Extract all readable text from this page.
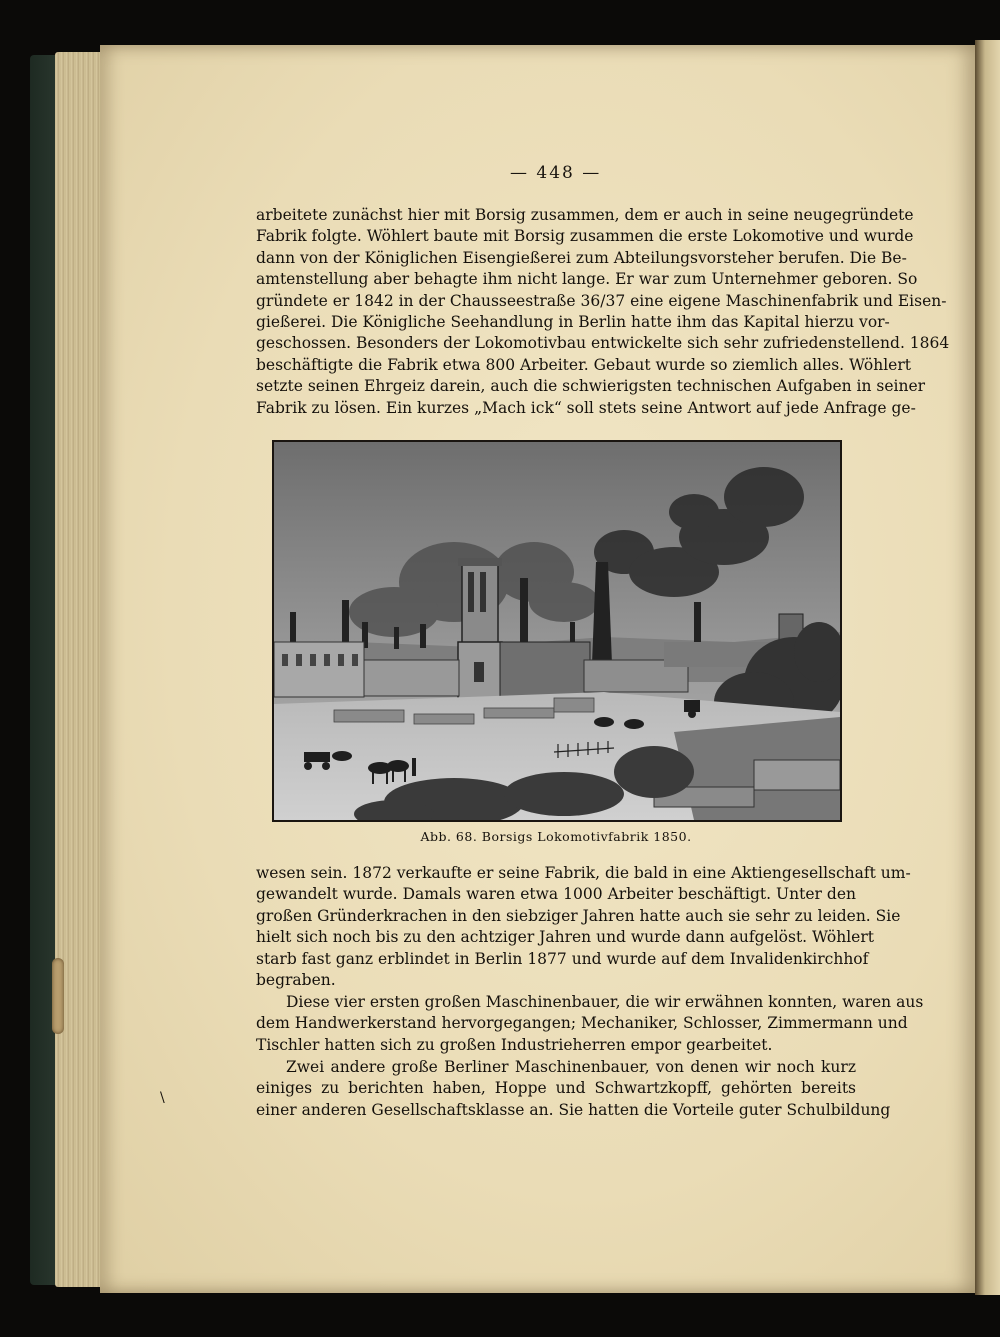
— 448 —
arbeitete zunächst hier mit Borsig zusammen, dem er auch in seine neugegründete
Fabrik folgte. Wöhlert baute mit Borsig zusammen die erste Lokomotive und wurde
dann von der Königlichen Eisengießerei zum Abteilungsvorsteher berufen. Die Be-
amtenstellung aber behagte ihm nicht lange. Er war zum Unternehmer geboren. So
gründete er 1842 in der Chausseestraße 36/37 eine eigene Maschinenfabrik und Eisen-
gießerei. Die Königliche Seehandlung in Berlin hatte ihm das Kapital hierzu vor-
geschossen. Besonders der Lokomotivbau entwickelte sich sehr zufriedenstellend. 1864
beschäftigte die Fabrik etwa 800 Arbeiter. Gebaut wurde so ziemlich alles. Wöhlert
setzte seinen Ehrgeiz darein, auch die schwierigsten technischen Aufgaben in seiner
Fabrik zu lösen. Ein kurzes „Mach ick“ soll stets seine Antwort auf jede Anfrage ge-
Abb. 68. Borsigs Lokomotivfabrik 1850.
wesen sein. 1872 verkaufte er seine Fabrik, die bald in eine Aktiengesellschaft um-
gewandelt wurde. Damals waren etwa 1000 Arbeiter beschäftigt. Unter den
großen Gründerkrachen in den siebziger Jahren hatte auch sie sehr zu leiden. Sie
hielt sich noch bis zu den achtziger Jahren und wurde dann aufgelöst. Wöhlert
starb fast ganz erblindet in Berlin 1877 und wurde auf dem Invalidenkirchhof
begraben.
Diese vier ersten großen Maschinenbauer, die wir erwähnen konnten, waren aus
dem Handwerkerstand hervorgegangen; Mechaniker, Schlosser, Zimmermann und
Tischler hatten sich zu großen Industrieherren empor gearbeitet.
Zwei andere große Berliner Maschinenbauer, von denen wir noch kurz
einiges zu berichten haben, Hoppe und Schwartzkopff, gehörten bereits
einer anderen Gesellschaftsklasse an. Sie hatten die Vorteile guter Schulbildung
\
